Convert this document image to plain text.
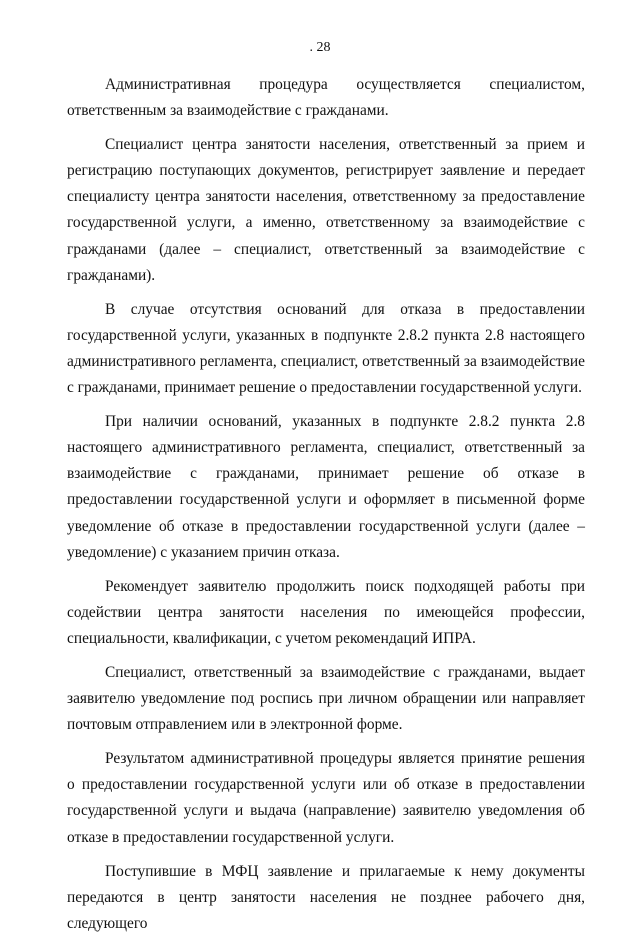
. 28

Административная процедура осуществляется специалистом, ответственным за взаимодействие с гражданами.

Специалист центра занятости населения, ответственный за прием и регистрацию поступающих документов, регистрирует заявление и передает специалисту центра занятости населения, ответственному за предоставление государственной услуги, а именно, ответственному за взаимодействие с гражданами (далее – специалист, ответственный за взаимодействие с гражданами).

В случае отсутствия оснований для отказа в предоставлении государственной услуги, указанных в подпункте 2.8.2 пункта 2.8 настоящего административного регламента, специалист, ответственный за взаимодействие с гражданами, принимает решение о предоставлении государственной услуги.

При наличии оснований, указанных в подпункте 2.8.2 пункта 2.8 настоящего административного регламента, специалист, ответственный за взаимодействие с гражданами, принимает решение об отказе в предоставлении государственной услуги и оформляет в письменной форме уведомление об отказе в предоставлении государственной услуги (далее – уведомление) с указанием причин отказа.

Рекомендует заявителю продолжить поиск подходящей работы при содействии центра занятости населения по имеющейся профессии, специальности, квалификации, с учетом рекомендаций ИПРА.

Специалист, ответственный за взаимодействие с гражданами, выдает заявителю уведомление под роспись при личном обращении или направляет почтовым отправлением или в электронной форме.

Результатом административной процедуры является принятие решения о предоставлении государственной услуги или об отказе в предоставлении государственной услуги и выдача (направление) заявителю уведомления об отказе в предоставлении государственной услуги.

Поступившие в МФЦ заявление и прилагаемые к нему документы передаются в центр занятости населения не позднее рабочего дня, следующего
